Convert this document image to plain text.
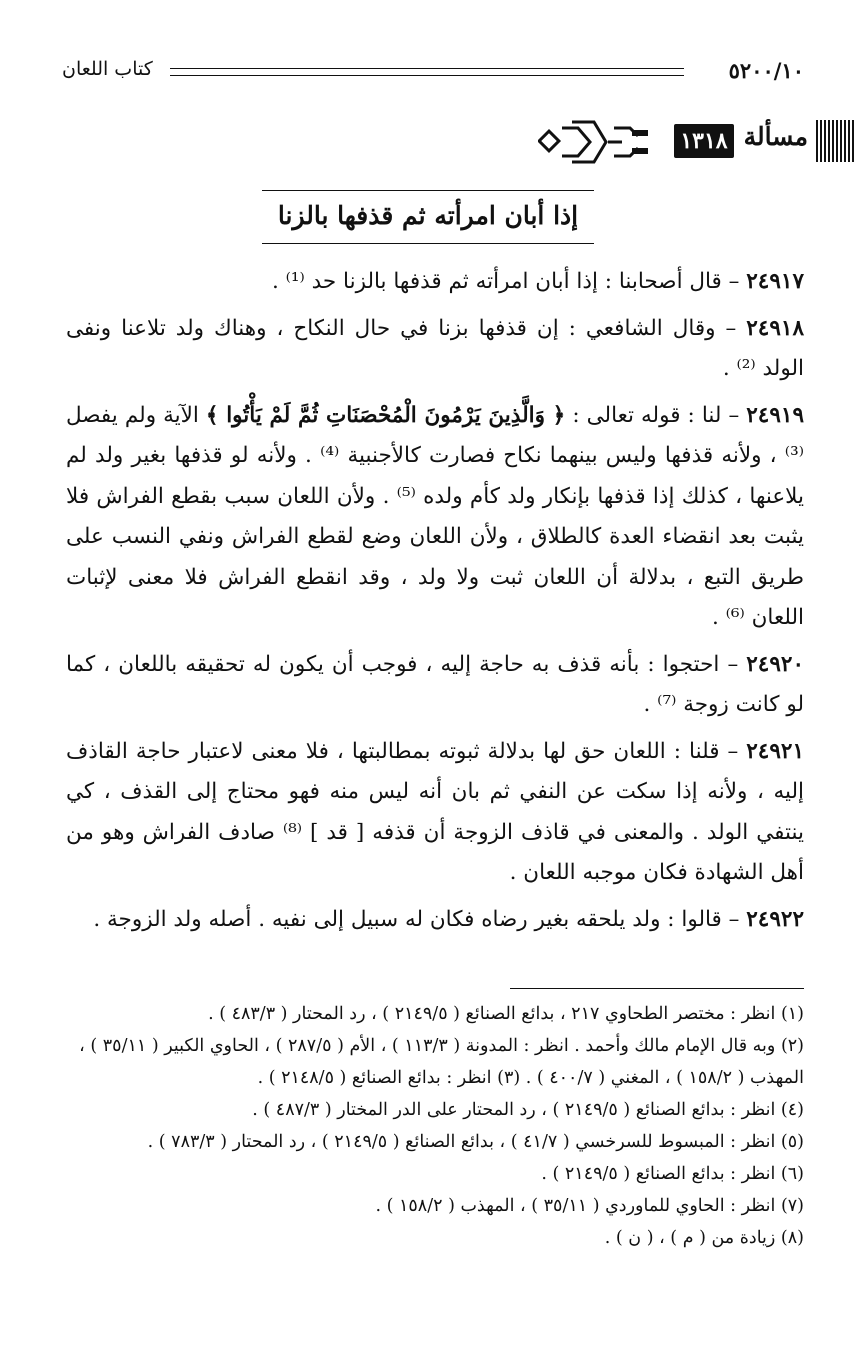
٥٢٠٠/١٠
كتاب اللعان
مسألة
١٣١٨
إذا أبان امرأته ثم قذفها بالزنا

٢٤٩١٧ – قال أصحابنا : إذا أبان امرأته ثم قذفها بالزنا حد ⁽¹⁾ .

٢٤٩١٨ – وقال الشافعي : إن قذفها بزنا في حال النكاح ، وهناك ولد تلاعنا ونفى الولد ⁽²⁾ .

٢٤٩١٩ – لنا : قوله تعالى : ﴿ وَالَّذِينَ يَرْمُونَ الْمُحْصَنَاتِ ثُمَّ لَمْ يَأْتُوا ﴾ الآية ولم يفصل ⁽³⁾ ، ولأنه قذفها وليس بينهما نكاح فصارت كالأجنبية ⁽⁴⁾ . ولأنه لو قذفها بغير ولد لم يلاعنها ، كذلك إذا قذفها بإنكار ولد كأم ولده ⁽⁵⁾ . ولأن اللعان سبب بقطع الفراش فلا يثبت بعد انقضاء العدة كالطلاق ، ولأن اللعان وضع لقطع الفراش ونفي النسب على طريق التبع ، بدلالة أن اللعان ثبت ولا ولد ، وقد انقطع الفراش فلا معنى لإثبات اللعان ⁽⁶⁾ .

٢٤٩٢٠ – احتجوا : بأنه قذف به حاجة إليه ، فوجب أن يكون له تحقيقه باللعان ، كما لو كانت زوجة ⁽⁷⁾ .

٢٤٩٢١ – قلنا : اللعان حق لها بدلالة ثبوته بمطالبتها ، فلا معنى لاعتبار حاجة القاذف إليه ، ولأنه إذا سكت عن النفي ثم بان أنه ليس منه فهو محتاج إلى القذف ، كي ينتفي الولد . والمعنى في قاذف الزوجة أن قذفه [ قد ] ⁽⁸⁾ صادف الفراش وهو من أهل الشهادة فكان موجبه اللعان .

٢٤٩٢٢ – قالوا : ولد يلحقه بغير رضاه فكان له سبيل إلى نفيه . أصله ولد الزوجة .

(١) انظر : مختصر الطحاوي ٢١٧ ، بدائع الصنائع ( ٢١٤٩/٥ ) ، رد المحتار ( ٤٨٣/٣ ) .
(٢) وبه قال الإمام مالك وأحمد . انظر : المدونة ( ١١٣/٣ ) ، الأم ( ٢٨٧/٥ ) ، الحاوي الكبير ( ٣٥/١١ ) ،
المهذب ( ١٥٨/٢ ) ، المغني ( ٤٠٠/٧ ) . (٣) انظر : بدائع الصنائع ( ٢١٤٨/٥ ) .
(٤) انظر : بدائع الصنائع ( ٢١٤٩/٥ ) ، رد المحتار على الدر المختار ( ٤٨٧/٣ ) .
(٥) انظر : المبسوط للسرخسي ( ٤١/٧ ) ، بدائع الصنائع ( ٢١٤٩/٥ ) ، رد المحتار ( ٧٨٣/٣ ) .
(٦) انظر : بدائع الصنائع ( ٢١٤٩/٥ ) .
(٧) انظر : الحاوي للماوردي ( ٣٥/١١ ) ، المهذب ( ١٥٨/٢ ) .
(٨) زيادة من ( م ) ، ( ن ) .
